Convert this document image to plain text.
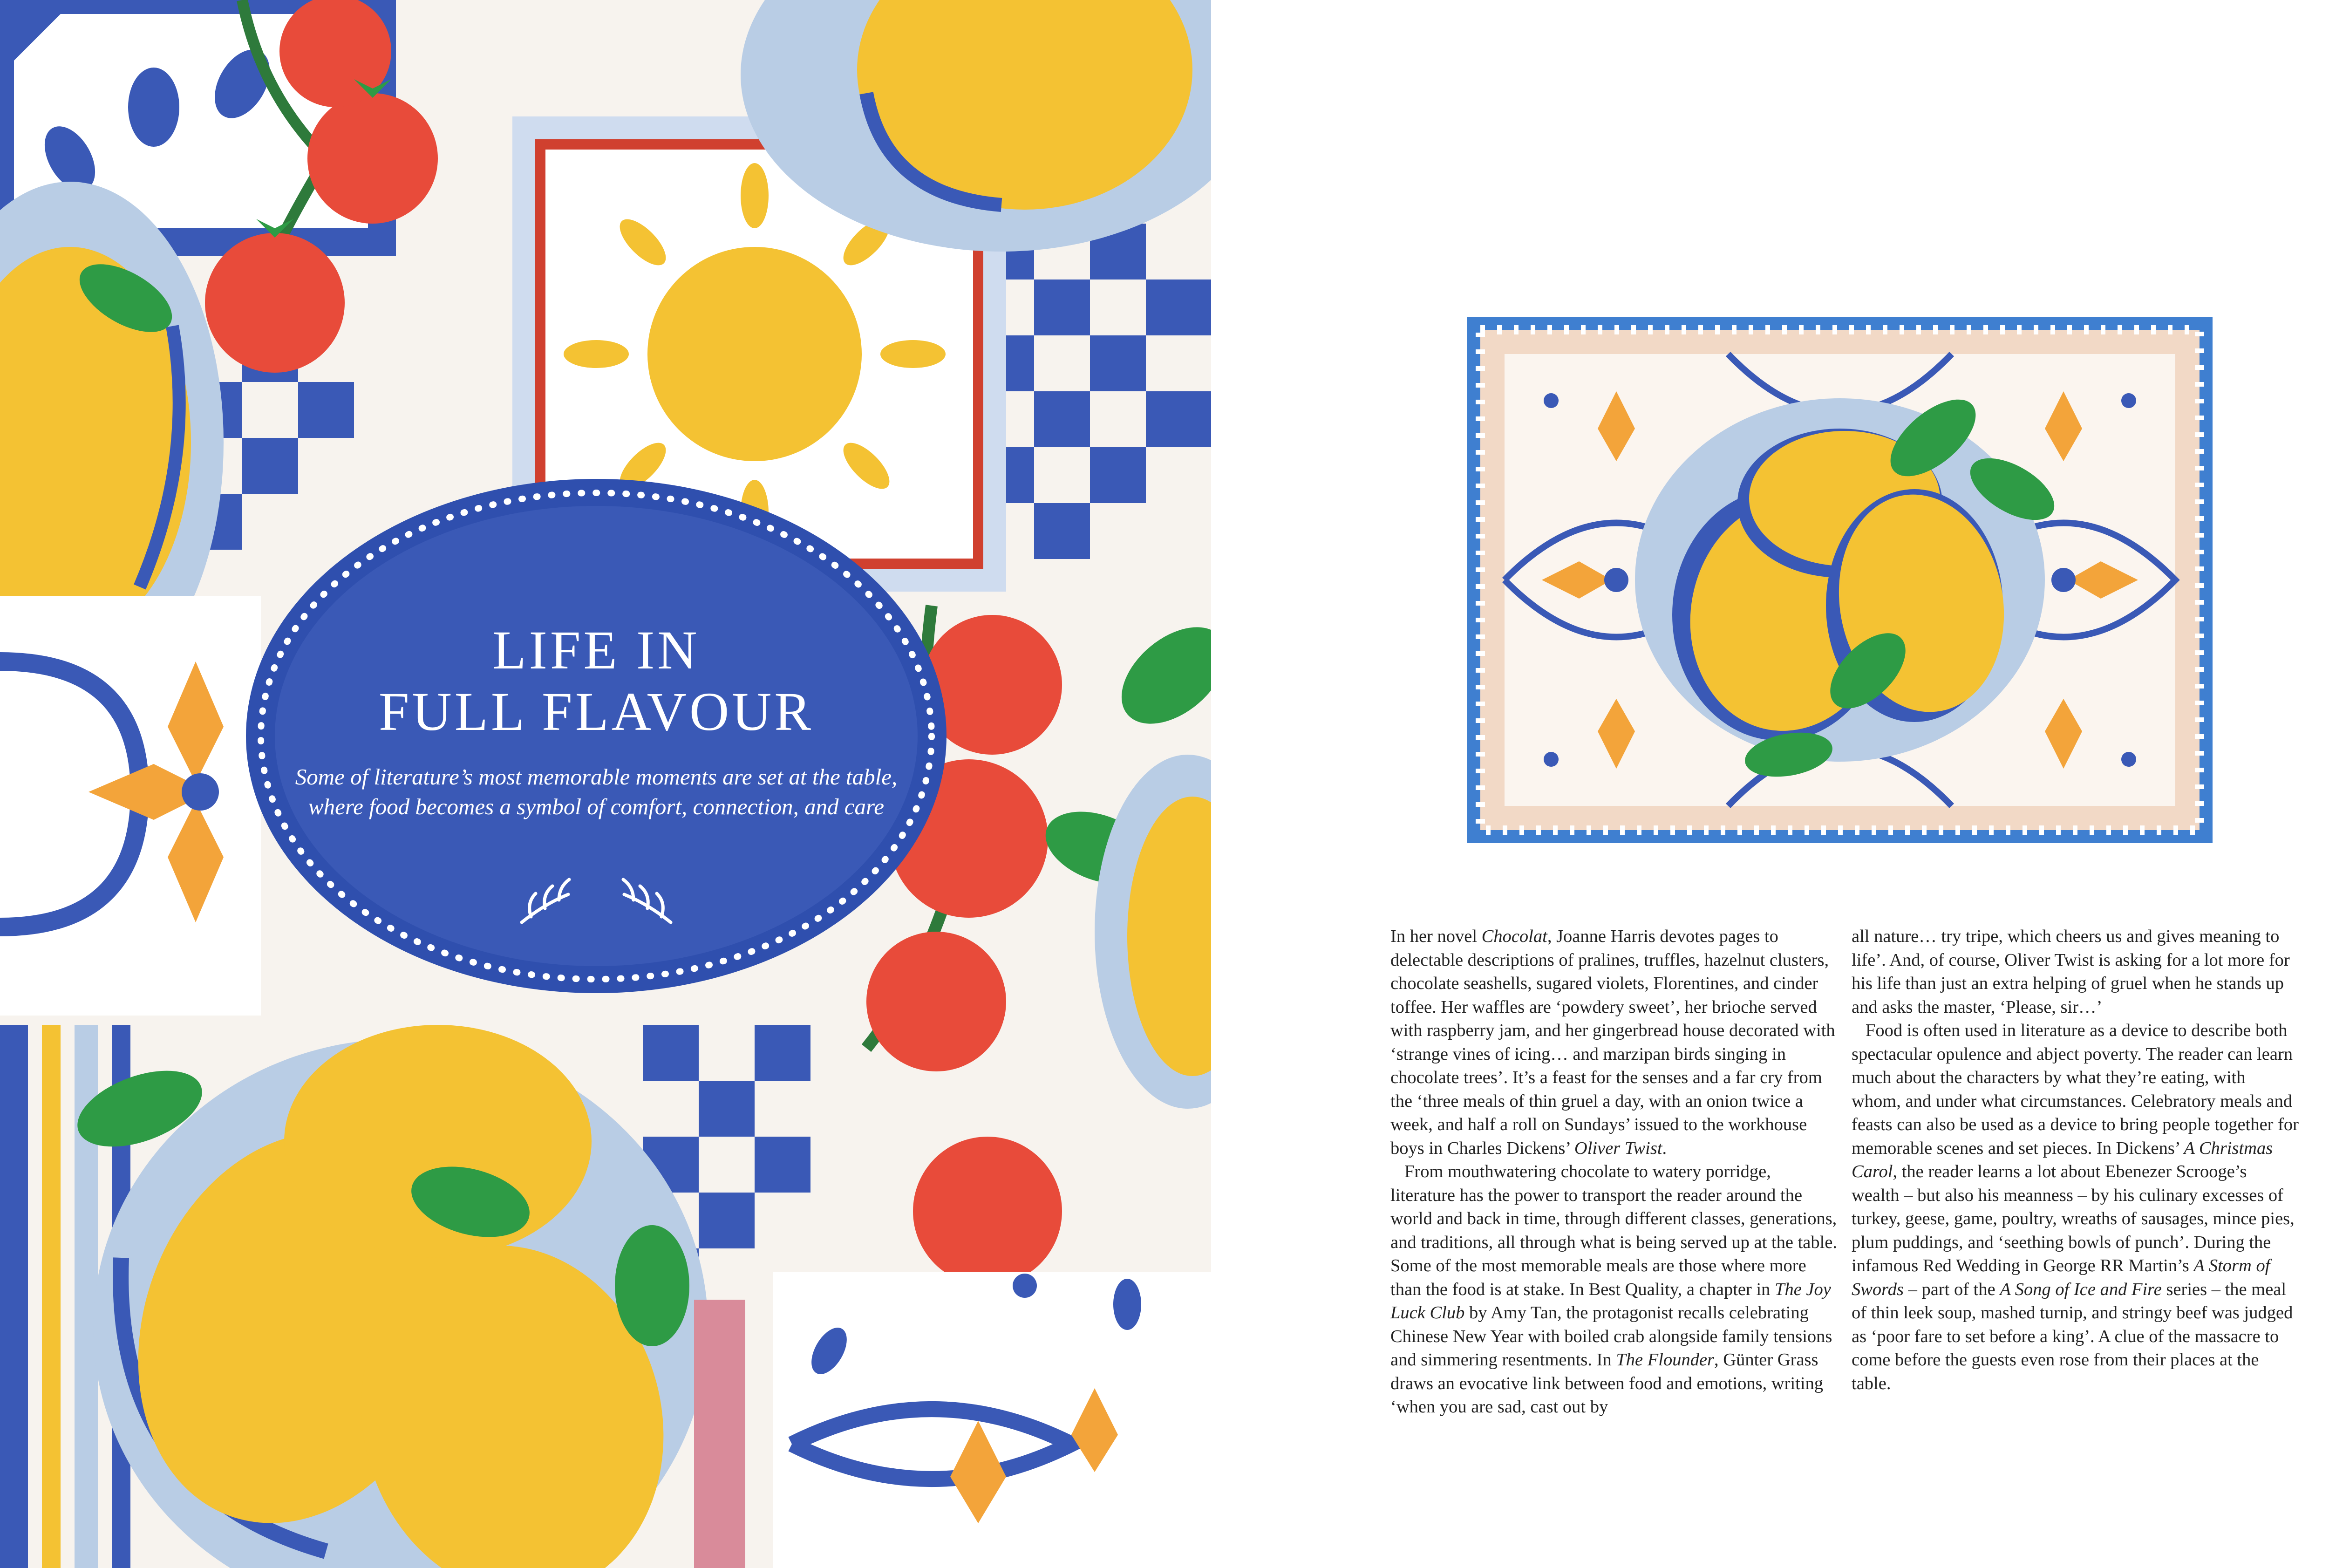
LIFE IN
FULL FLAVOUR
Some of literature’s most memorable moments are set at the table, where food becomes a symbol of comfort, connection, and care

In her novel Chocolat, Joanne Harris devotes pages to delectable descriptions of pralines, truffles, hazelnut clusters, chocolate seashells, sugared violets, Florentines, and cinder toffee. Her waffles are ‘powdery sweet’, her brioche served with raspberry jam, and her gingerbread house decorated with ‘strange vines of icing… and marzipan birds singing in chocolate trees’. It’s a feast for the senses and a far cry from the ‘three meals of thin gruel a day, with an onion twice a week, and half a roll on Sundays’ issued to the workhouse boys in Charles Dickens’ Oliver Twist.

From mouthwatering chocolate to watery porridge, literature has the power to transport the reader around the world and back in time, through different classes, generations, and traditions, all through what is being served up at the table. Some of the most memorable meals are those where more than the food is at stake. In Best Quality, a chapter in The Joy Luck Club by Amy Tan, the protagonist recalls celebrating Chinese New Year with boiled crab alongside family tensions and simmering resentments. In The Flounder, Günter Grass draws an evocative link between food and emotions, writing ‘when you are sad, cast out by

all nature… try tripe, which cheers us and gives meaning to life’. And, of course, Oliver Twist is asking for a lot more for his life than just an extra helping of gruel when he stands up and asks the master, ‘Please, sir…’

Food is often used in literature as a device to describe both spectacular opulence and abject poverty. The reader can learn much about the characters by what they’re eating, with whom, and under what circumstances. Celebratory meals and feasts can also be used as a device to bring people together for memorable scenes and set pieces. In Dickens’ A Christmas Carol, the reader learns a lot about Ebenezer Scrooge’s wealth – but also his meanness – by his culinary excesses of turkey, geese, game, poultry, wreaths of sausages, mince pies, plum puddings, and ‘seething bowls of punch’. During the infamous Red Wedding in George RR Martin’s A Storm of Swords – part of the A Song of Ice and Fire series – the meal of thin leek soup, mashed turnip, and stringy beef was judged as ‘poor fare to set before a king’. A clue of the massacre to come before the guests even rose from their places at the table.
